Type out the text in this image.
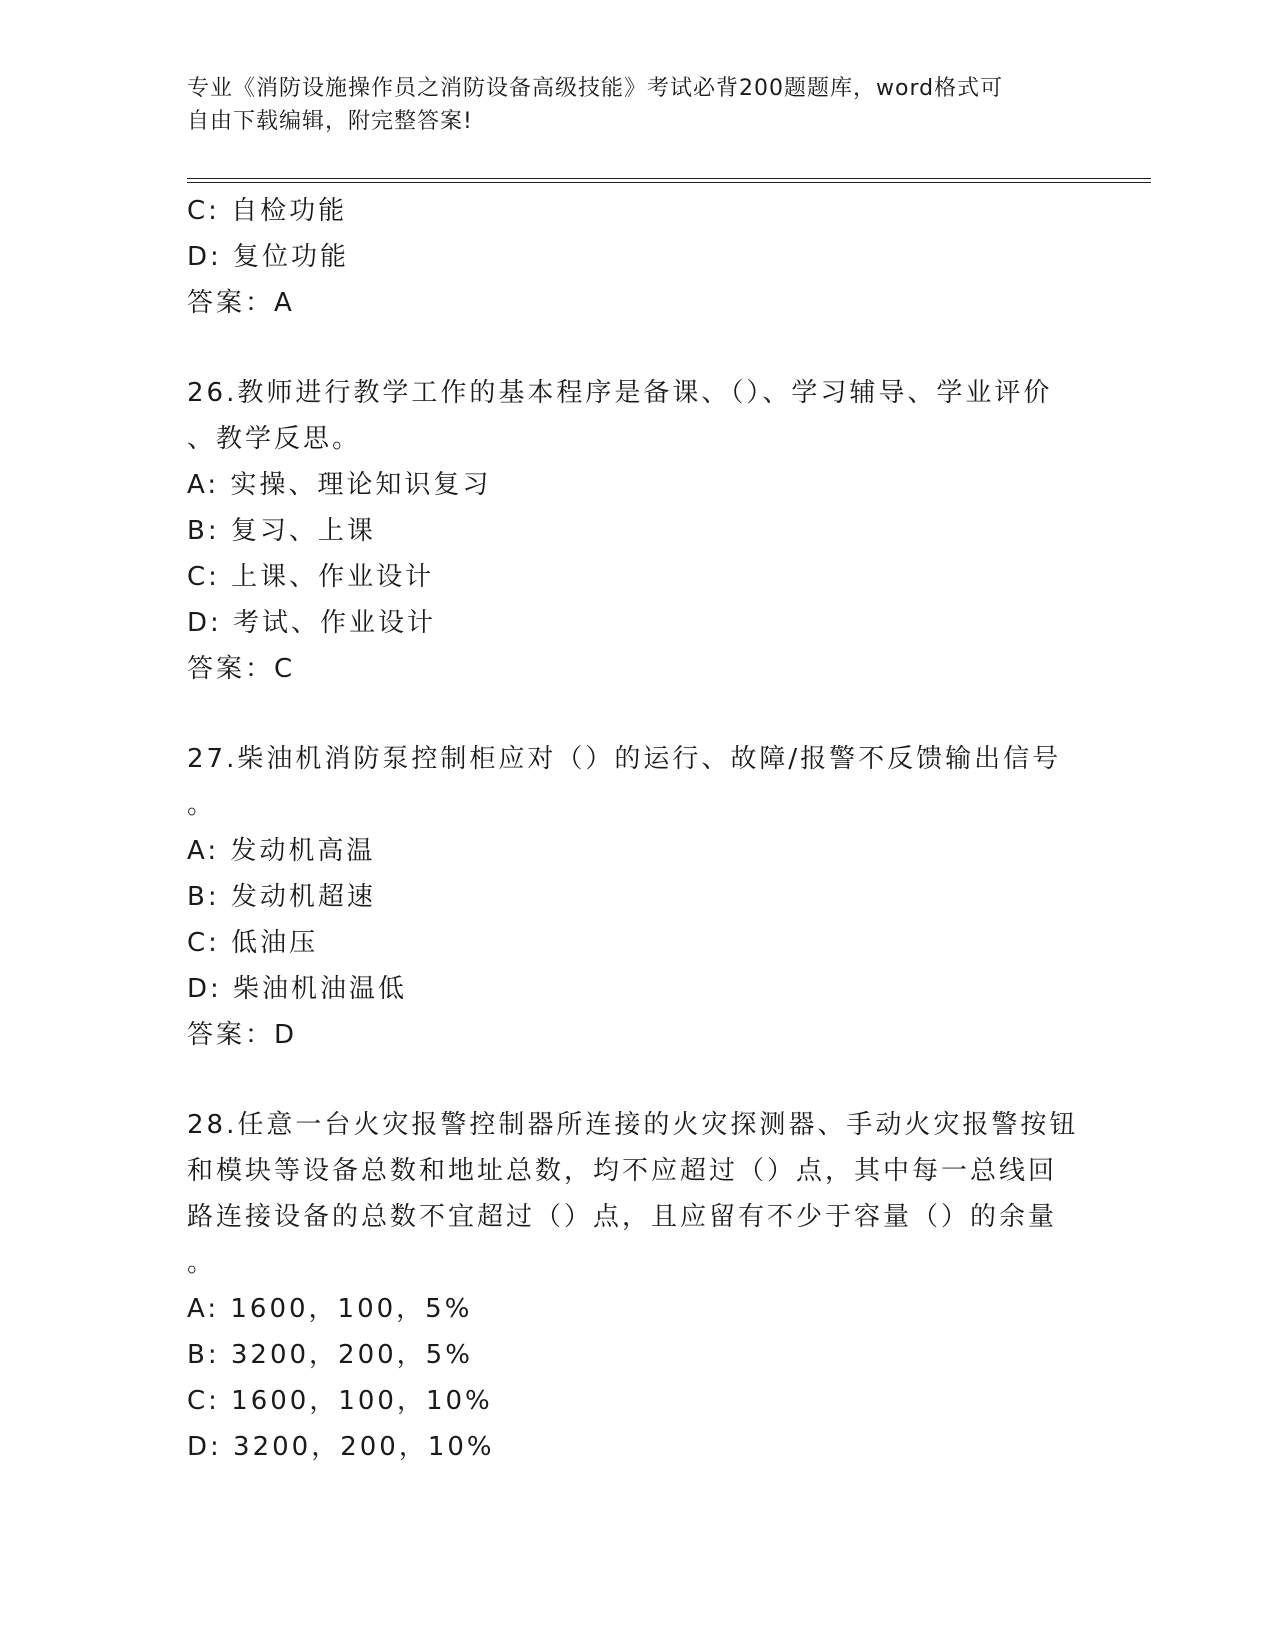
专业《消防设施操作员之消防设备高级技能》考试必背200题题库，word格式可
自由下载编辑，附完整答案!

C: 自检功能

D: 复位功能

答案：A

26.教师进行教学工作的基本程序是备课、（）、学习辅导、学业评价

、教学反思。

A: 实操、理论知识复习

B: 复习、上课

C: 上课、作业设计

D: 考试、作业设计

答案：C

27.柴油机消防泵控制柜应对（）的运行、故障/报警不反馈输出信号

。

A: 发动机高温

B: 发动机超速

C: 低油压

D: 柴油机油温低

答案：D

28.任意一台火灾报警控制器所连接的火灾探测器、手动火灾报警按钮

和模块等设备总数和地址总数，均不应超过（）点，其中每一总线回

路连接设备的总数不宜超过（）点，且应留有不少于容量（）的余量

。

A: 1600，100，5%

B: 3200，200，5%

C: 1600，100，10%

D: 3200，200，10%
